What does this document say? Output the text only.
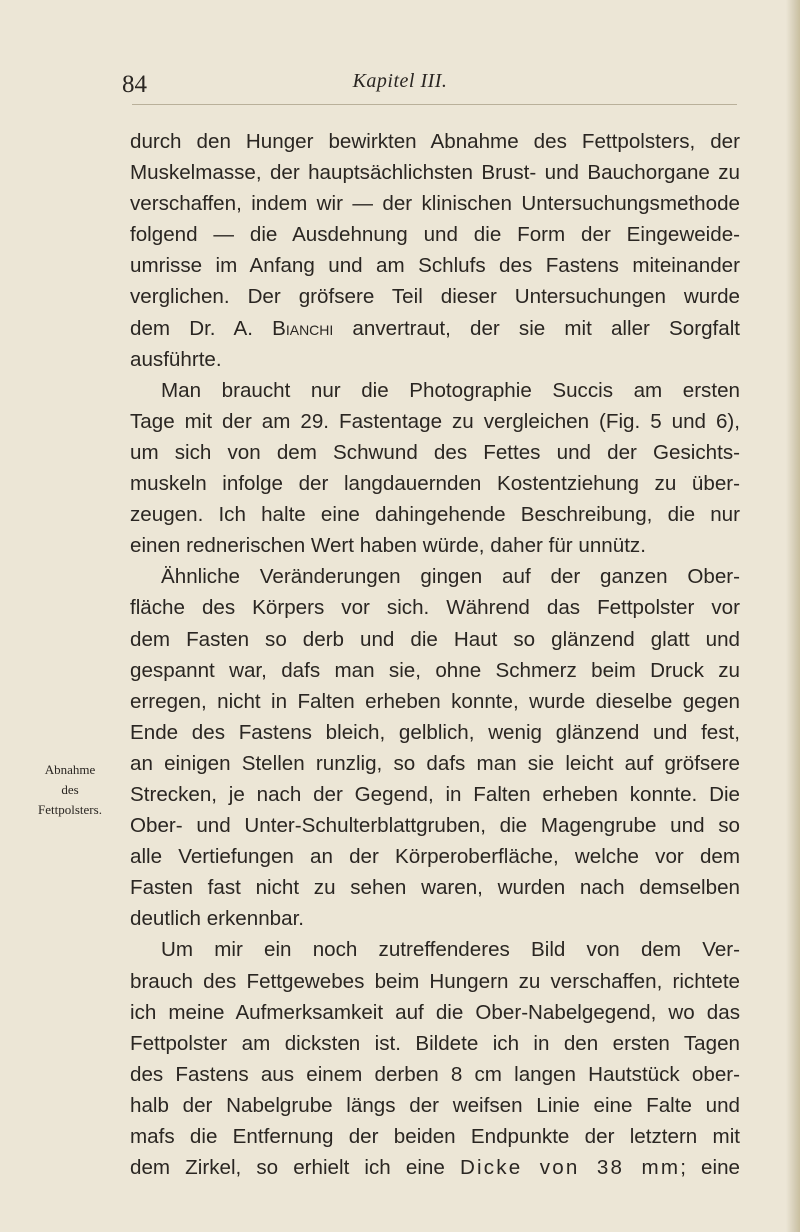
84	Kapitel III.
Abnahme
des
Fettpolsters.
durch den Hunger bewirkten Abnahme des Fettpolsters, der
Muskelmasse, der hauptsächlichsten Brust- und Bauchorgane zu
verschaffen, indem wir — der klinischen Untersuchungsmethode
folgend — die Ausdehnung und die Form der Eingeweide-
umrisse im Anfang und am Schlufs des Fastens miteinander
verglichen. Der gröfsere Teil dieser Untersuchungen wurde
dem Dr. A. Bianchi anvertraut, der sie mit aller Sorgfalt
ausführte.
Man braucht nur die Photographie Succis am ersten
Tage mit der am 29. Fastentage zu vergleichen (Fig. 5 und 6),
um sich von dem Schwund des Fettes und der Gesichts-
muskeln infolge der langdauernden Kostentziehung zu über-
zeugen. Ich halte eine dahingehende Beschreibung, die nur
einen rednerischen Wert haben würde, daher für unnütz.
Ähnliche Veränderungen gingen auf der ganzen Ober-
fläche des Körpers vor sich. Während das Fettpolster vor
dem Fasten so derb und die Haut so glänzend glatt und
gespannt war, dafs man sie, ohne Schmerz beim Druck zu
erregen, nicht in Falten erheben konnte, wurde dieselbe gegen
Ende des Fastens bleich, gelblich, wenig glänzend und fest,
an einigen Stellen runzlig, so dafs man sie leicht auf gröfsere
Strecken, je nach der Gegend, in Falten erheben konnte. Die
Ober- und Unter-Schulterblattgruben, die Magengrube und so
alle Vertiefungen an der Körperoberfläche, welche vor dem
Fasten fast nicht zu sehen waren, wurden nach demselben
deutlich erkennbar.
Um mir ein noch zutreffenderes Bild von dem Ver-
brauch des Fettgewebes beim Hungern zu verschaffen, richtete
ich meine Aufmerksamkeit auf die Ober-Nabelgegend, wo das
Fettpolster am dicksten ist. Bildete ich in den ersten Tagen
des Fastens aus einem derben 8 cm langen Hautstück ober-
halb der Nabelgrube längs der weifsen Linie eine Falte und
mafs die Entfernung der beiden Endpunkte der letztern mit
dem Zirkel, so erhielt ich eine Dicke von 38 mm; eine
